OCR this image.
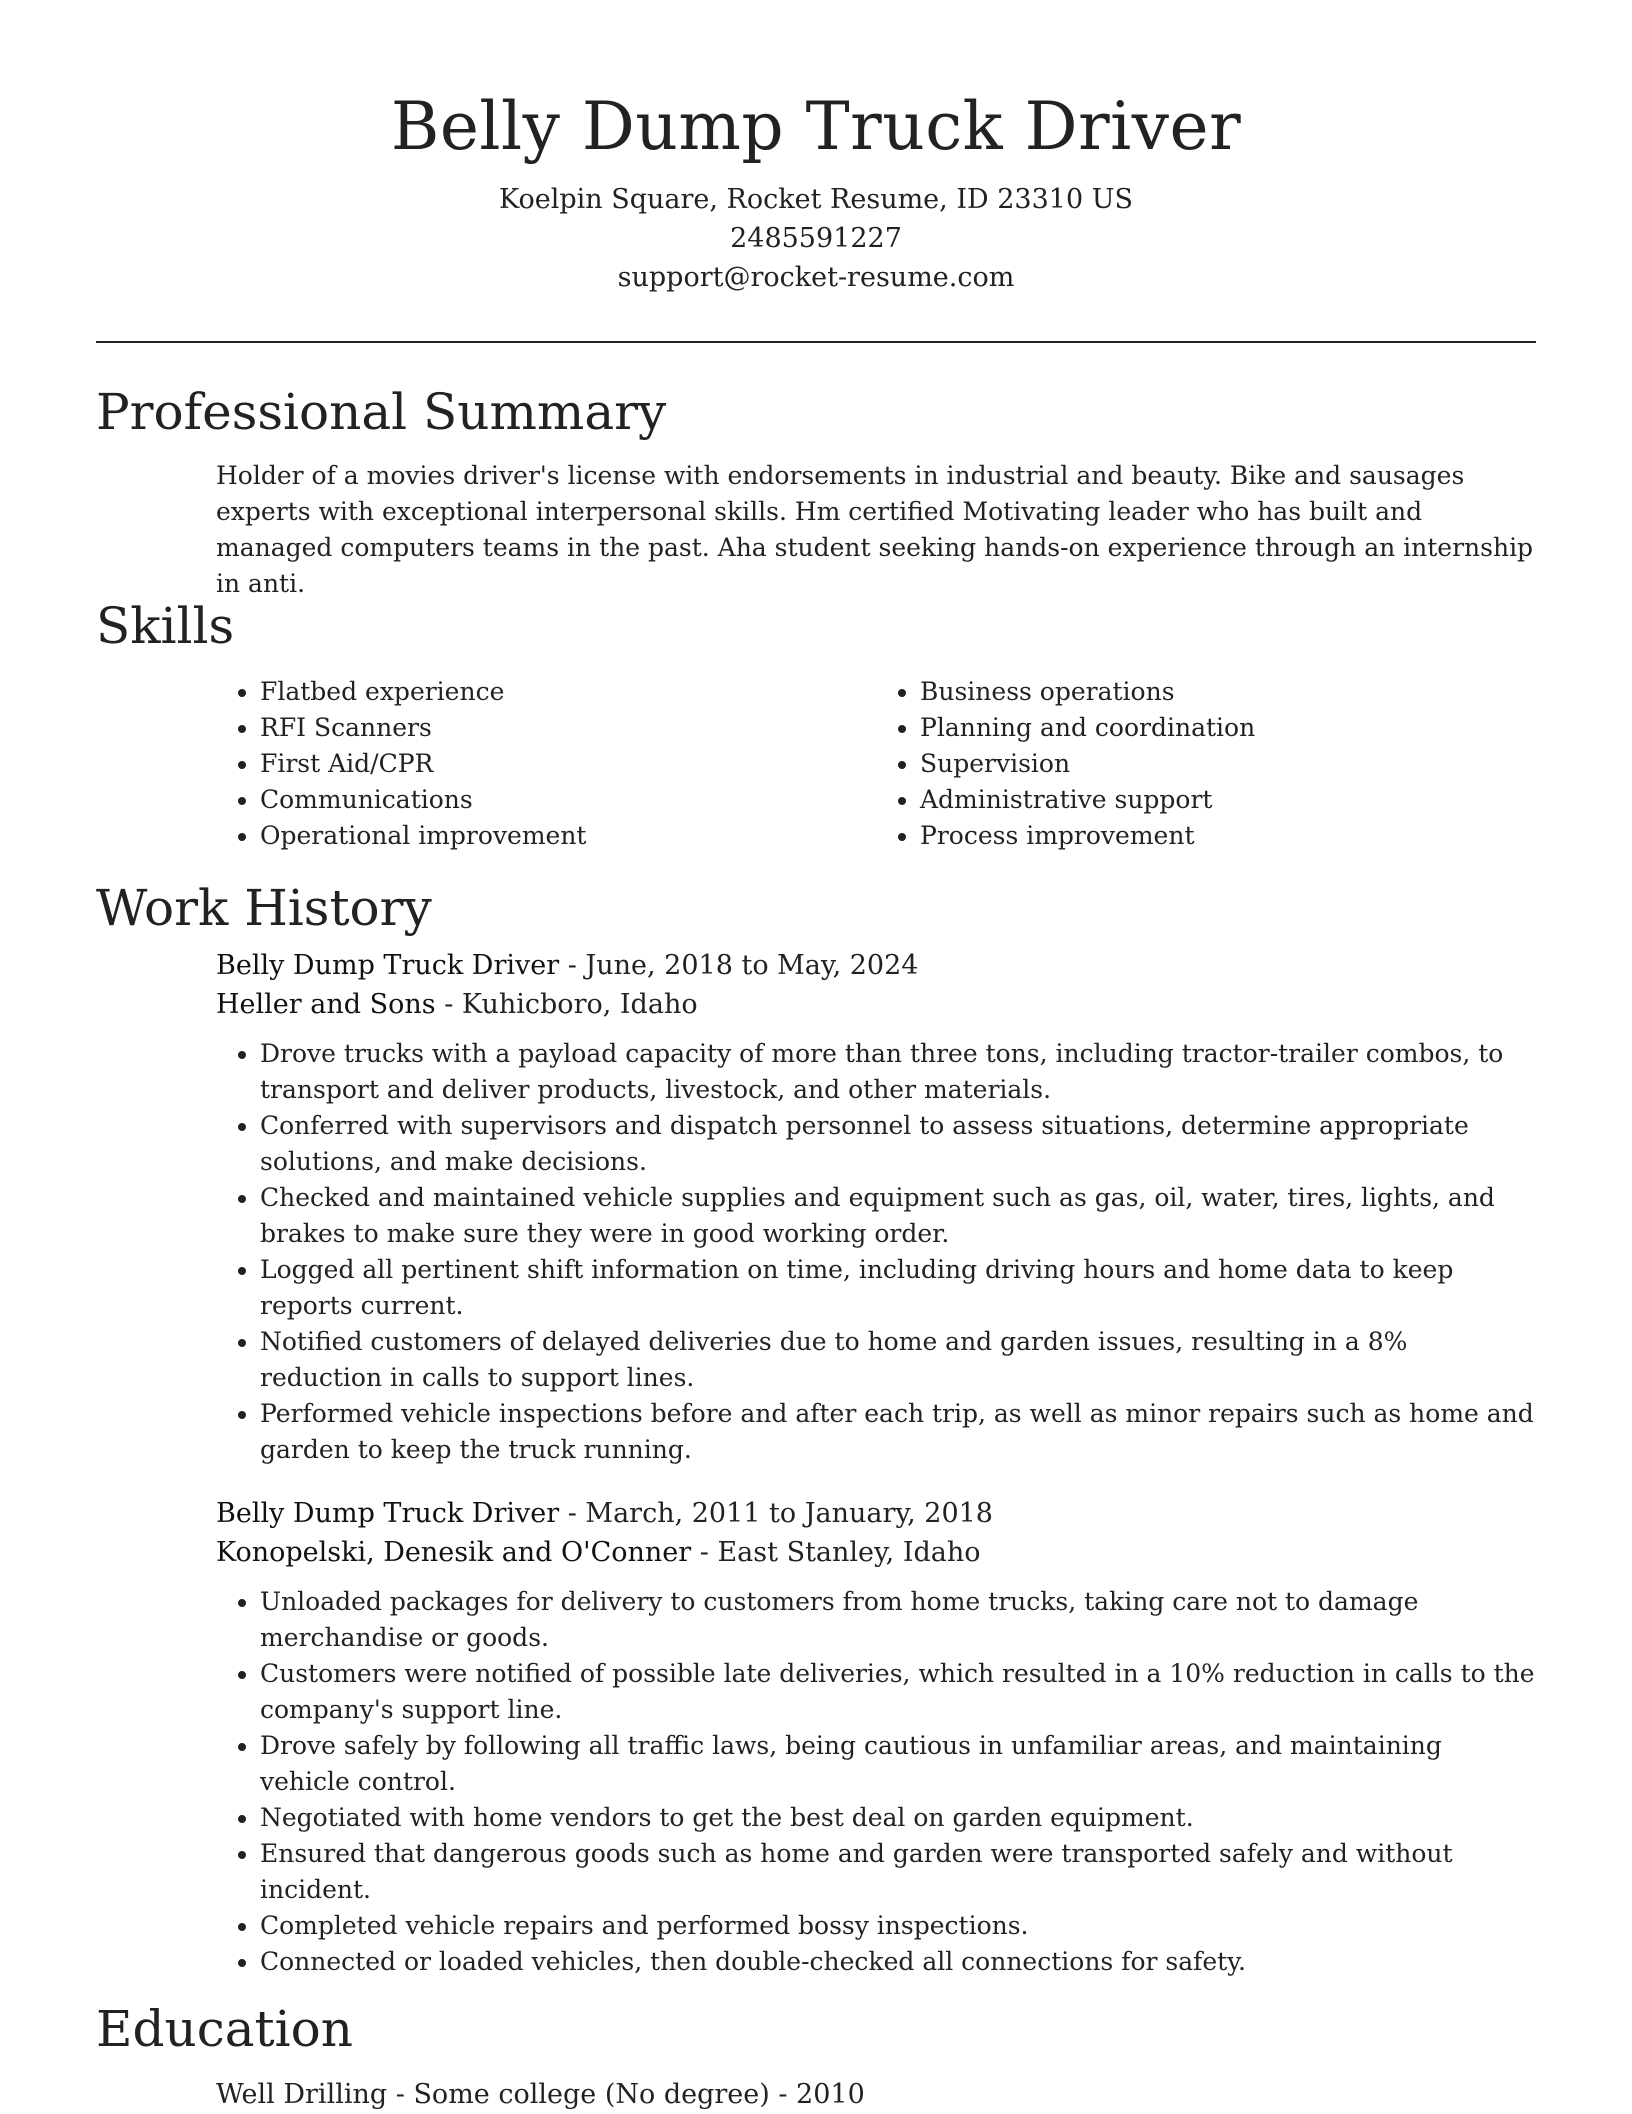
Belly Dump Truck Driver

Koelpin Square, Rocket Resume, ID 23310 US

2485591227

support@rocket-resume.com

Professional Summary

Holder of a movies driver's license with endorsements in industrial and beauty. Bike and sausages experts with exceptional interpersonal skills. Hm certified Motivating leader who has built and managed computers teams in the past. Aha student seeking hands-on experience through an internship in anti.

Skills
• Flatbed experience
• RFI Scanners
• First Aid/CPR
• Communications
• Operational improvement
• Business operations
• Planning and coordination
• Supervision
• Administrative support
• Process improvement
Work History

Belly Dump Truck Driver - June, 2018 to May, 2024

Heller and Sons - Kuhicboro, Idaho

• Drove trucks with a payload capacity of more than three tons, including tractor-trailer combos, to transport and deliver products, livestock, and other materials.
• Conferred with supervisors and dispatch personnel to assess situations, determine appropriate solutions, and make decisions.
• Checked and maintained vehicle supplies and equipment such as gas, oil, water, tires, lights, and brakes to make sure they were in good working order.
• Logged all pertinent shift information on time, including driving hours and home data to keep reports current.
• Notified customers of delayed deliveries due to home and garden issues, resulting in a 8% reduction in calls to support lines.
• Performed vehicle inspections before and after each trip, as well as minor repairs such as home and garden to keep the truck running.

Belly Dump Truck Driver - March, 2011 to January, 2018

Konopelski, Denesik and O'Conner - East Stanley, Idaho

• Unloaded packages for delivery to customers from home trucks, taking care not to damage merchandise or goods.
• Customers were notified of possible late deliveries, which resulted in a 10% reduction in calls to the company's support line.
• Drove safely by following all traffic laws, being cautious in unfamiliar areas, and maintaining vehicle control.
• Negotiated with home vendors to get the best deal on garden equipment.
• Ensured that dangerous goods such as home and garden were transported safely and without incident.
• Completed vehicle repairs and performed bossy inspections.
• Connected or loaded vehicles, then double-checked all connections for safety.
Education

Well Drilling - Some college (No degree) - 2010
